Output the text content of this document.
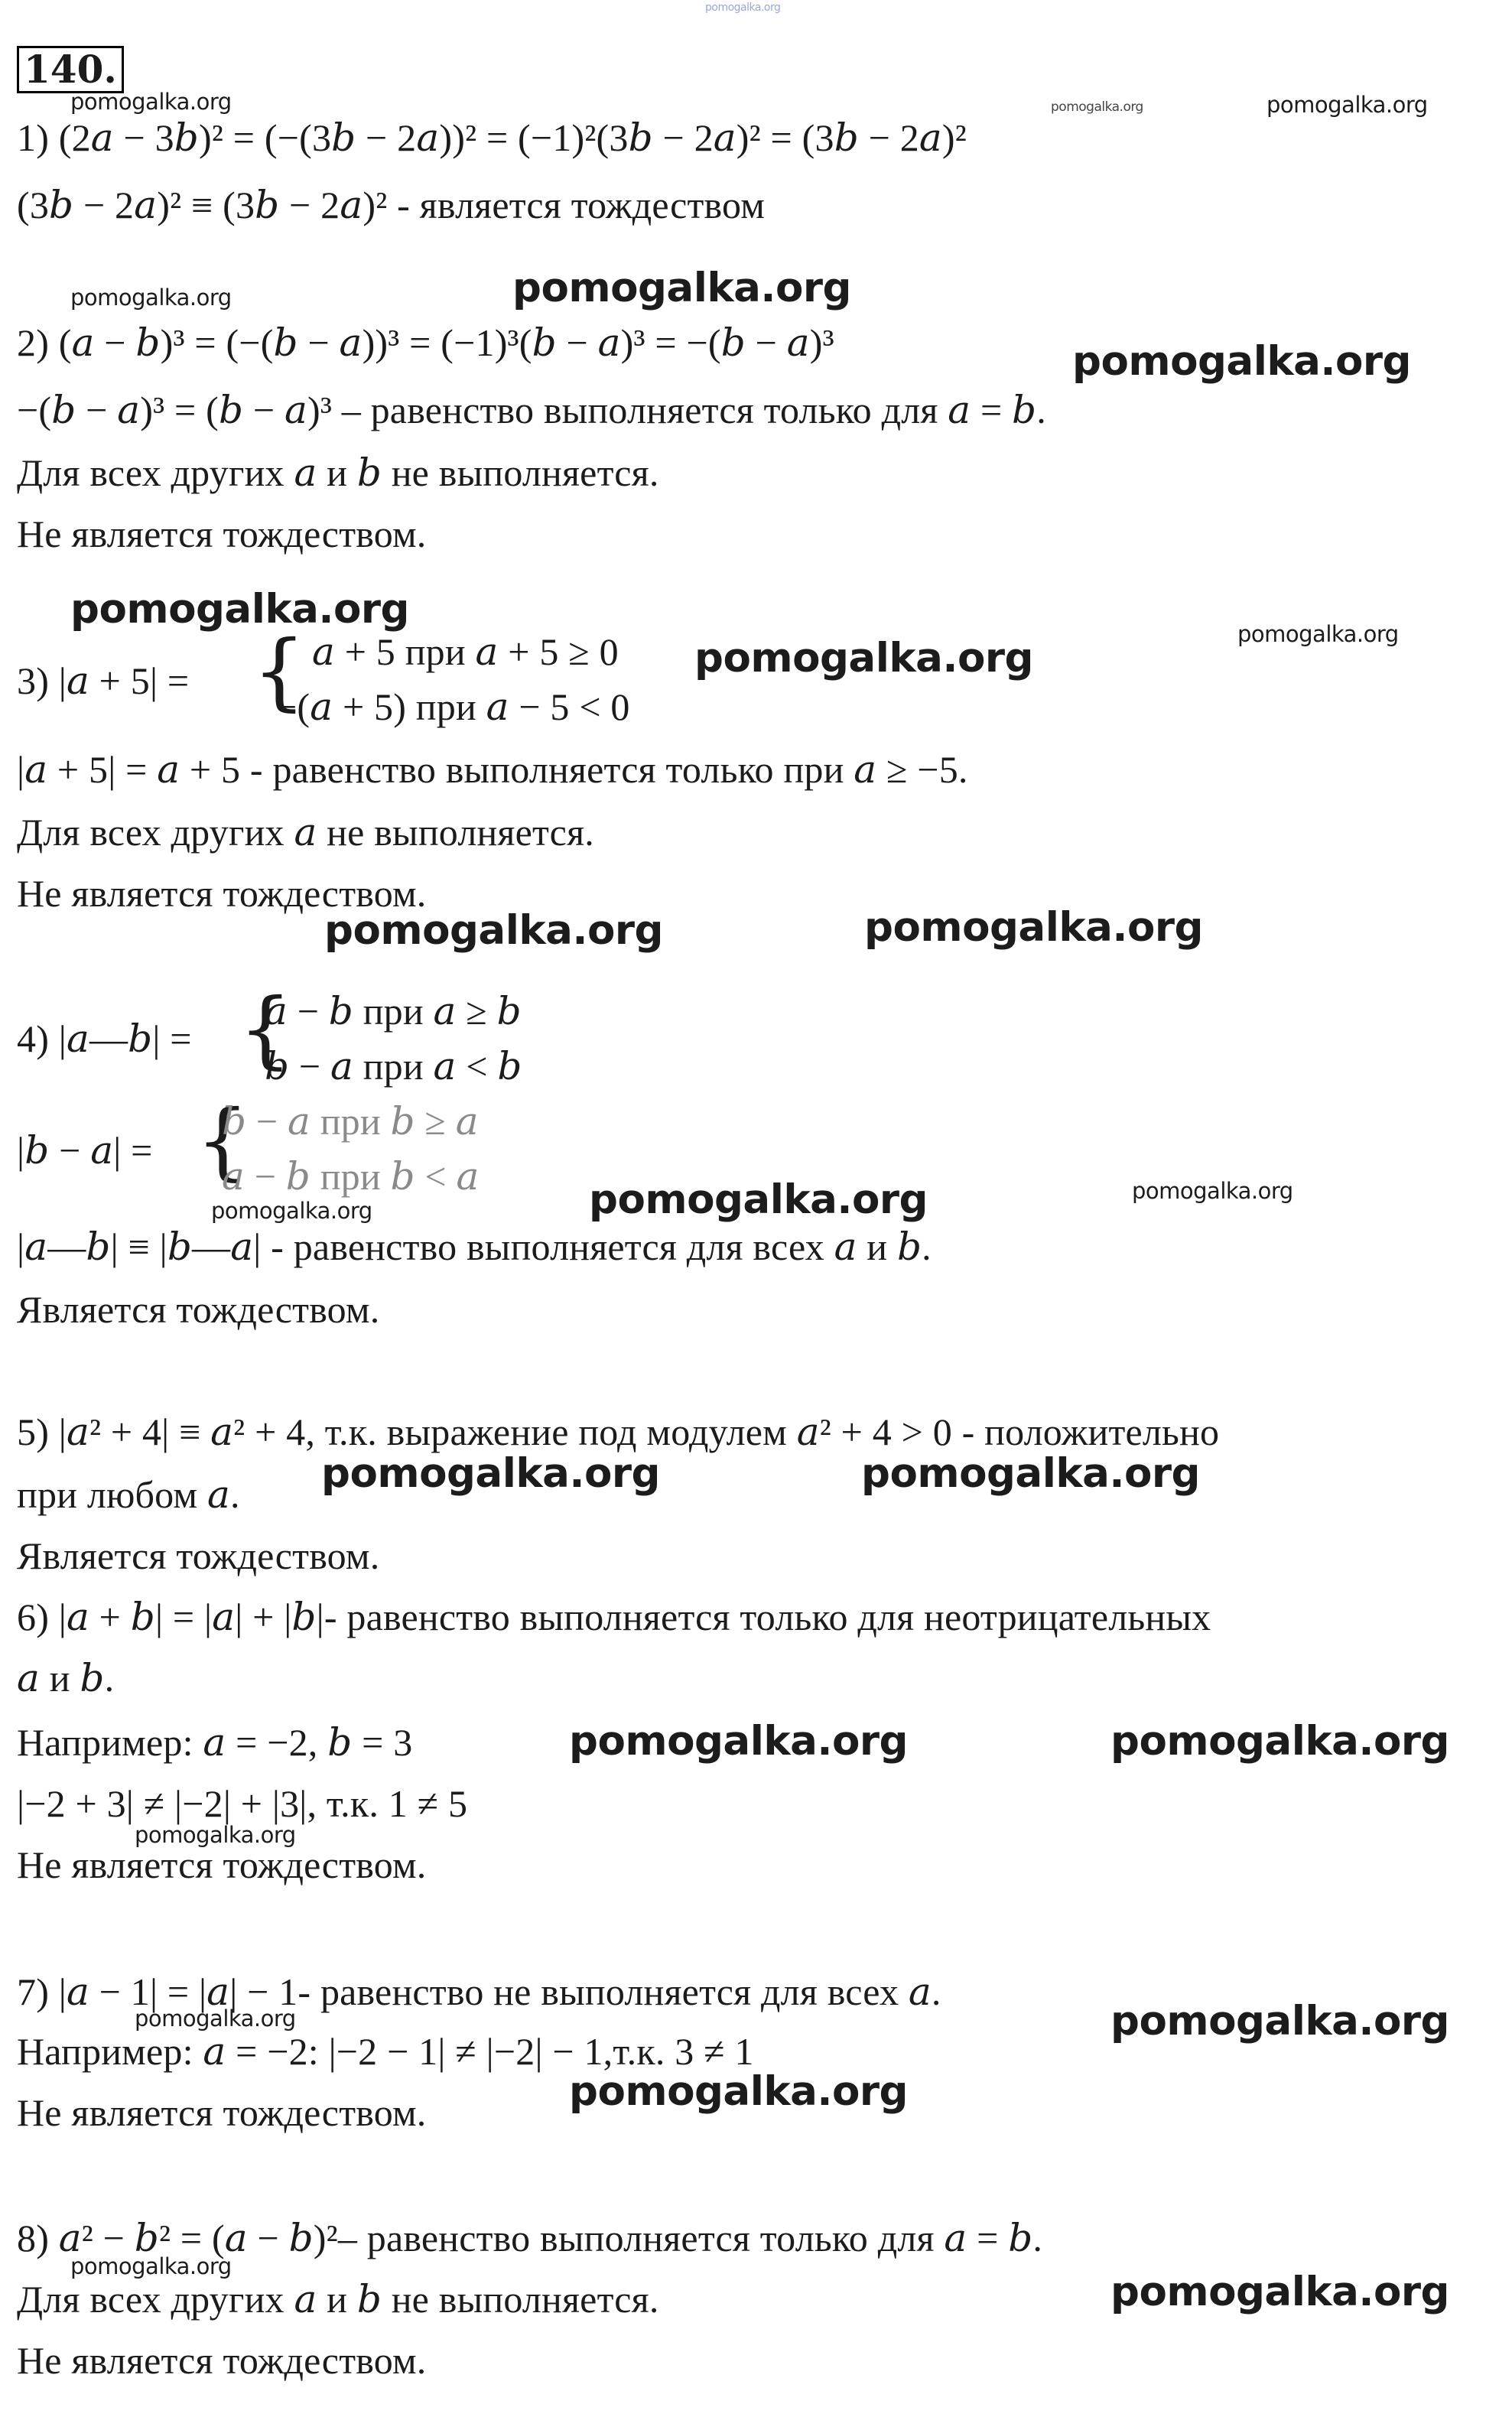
pomogalka.org
140.
1) (2𝑎 − 3𝑏)² = (−(3𝑏 − 2𝑎))² = (−1)²(3𝑏 − 2𝑎)² = (3𝑏 − 2𝑎)²
(3𝑏 − 2𝑎)² ≡ (3𝑏 − 2𝑎)² - является тождеством
2) (𝑎 − 𝑏)³ = (−(𝑏 − 𝑎))³ = (−1)³(𝑏 − 𝑎)³ = −(𝑏 − 𝑎)³
−(𝑏 − 𝑎)³ = (𝑏 − 𝑎)³ – равенство выполняется только для 𝑎 = 𝑏.
Для всех других 𝑎 и 𝑏 не выполняется.
Не является тождеством.
3) |𝑎 + 5| = { 𝑎 + 5 при 𝑎 + 5 ≥ 0
−(𝑎 + 5) при 𝑎 − 5 < 0
|𝑎 + 5| = 𝑎 + 5 - равенство выполняется только при 𝑎 ≥ −5.
Для всех других 𝑎 не выполняется.
Не является тождеством.
4) |𝑎—𝑏| = {
𝑎 − 𝑏 при 𝑎 ≥ 𝑏
𝑏 − 𝑎 при 𝑎 < 𝑏
|𝑏 − 𝑎| = {
𝑏 − 𝑎 при 𝑏 ≥ 𝑎
𝑎 − 𝑏 при 𝑏 < 𝑎
|𝑎—𝑏| ≡ |𝑏—𝑎| - равенство выполняется для всех 𝑎 и 𝑏.
Является тождеством.
5) |𝑎² + 4| ≡ 𝑎² + 4, т.к. выражение под модулем 𝑎² + 4 > 0 - положительно
при любом 𝑎.
Является тождеством.
6) |𝑎 + 𝑏| = |𝑎| + |𝑏|- равенство выполняется только для неотрицательных
𝑎 и 𝑏.
Например: 𝑎 = −2, 𝑏 = 3
|−2 + 3| ≠ |−2| + |3|, т.к. 1 ≠ 5
Не является тождеством.
7) |𝑎 − 1| = |𝑎| − 1- равенство не выполняется для всех 𝑎.
Например: 𝑎 = −2: |−2 − 1| ≠ |−2| − 1,т.к. 3 ≠ 1
Не является тождеством.
8) 𝑎² − 𝑏² = (𝑎 − 𝑏)²– равенство выполняется только для 𝑎 = 𝑏.
Для всех других 𝑎 и 𝑏 не выполняется.
Не является тождеством.
pomogalka.org	pomogalka.org	pomogalka.org
pomogalka.org	pomogalka.org
pomogalka.org
pomogalka.org
pomogalka.org
pomogalka.org
pomogalka.org	pomogalka.org
pomogalka.org	pomogalka.org	pomogalka.org
pomogalka.org	pomogalka.org
pomogalka.org	pomogalka.org
pomogalka.org
pomogalka.org	pomogalka.org
pomogalka.org
pomogalka.org
pomogalka.org
